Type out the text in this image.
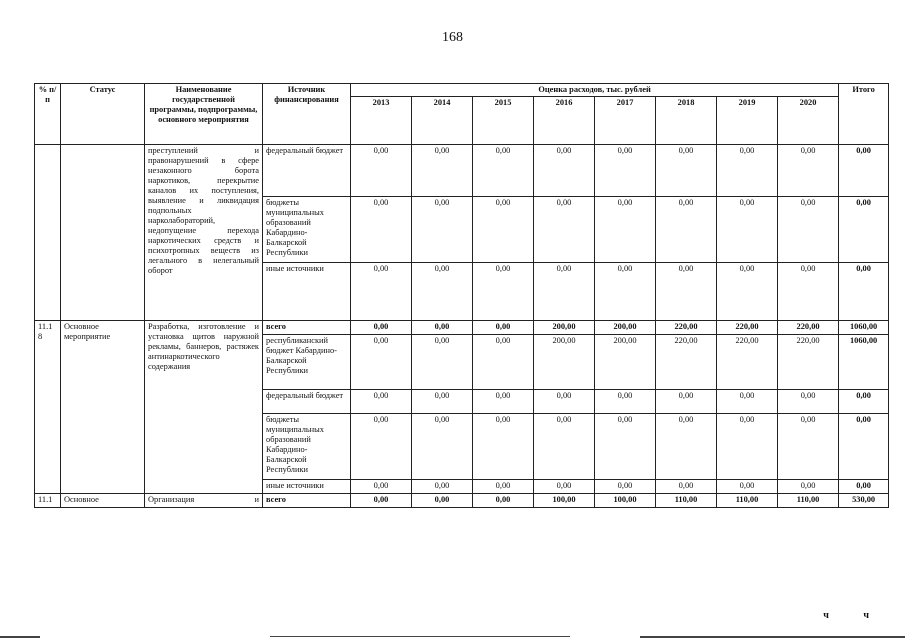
168
% п/п	Статус	Наименование государственной программы, подпрограммы, основного мероприятия	Источник финансирования	Оценка расходов, тыс. рублей								Итого
				2013	2014	2015	2016	2017	2018	2019	2020	
		преступлений и правонарушений в сфере незаконного борота наркотиков, перекрытие каналов их поступления, выявление и ликвидация подпольных нарколабораторий, недопущение перехода наркотических средств и психотропных веществ из легального в нелегальный оборот	федеральный бюджет	0,00	0,00	0,00	0,00	0,00	0,00	0,00	0,00	0,00
			бюджеты муниципальных образований Кабардино-Балкарской Республики	0,00	0,00	0,00	0,00	0,00	0,00	0,00	0,00	0,00
			иные источники	0,00	0,00	0,00	0,00	0,00	0,00	0,00	0,00	0,00
11.1 8	Основное мероприятие	Разработка, изготовление и установка щитов наружной рекламы, баннеров, растяжек антинаркотического содержания	всего	0,00	0,00	0,00	200,00	200,00	220,00	220,00	220,00	1060,00
			республиканский бюджет Кабардино-Балкарской Республики	0,00	0,00	0,00	200,00	200,00	220,00	220,00	220,00	1060,00
			федеральный бюджет	0,00	0,00	0,00	0,00	0,00	0,00	0,00	0,00	0,00
			бюджеты муниципальных образований Кабардино-Балкарской Республики	0,00	0,00	0,00	0,00	0,00	0,00	0,00	0,00	0,00
			иные источники	0,00	0,00	0,00	0,00	0,00	0,00	0,00	0,00	0,00
11.1	Основное	Организация и	всего	0,00	0,00	0,00	100,00	100,00	110,00	110,00	110,00	530,00
ч ч
